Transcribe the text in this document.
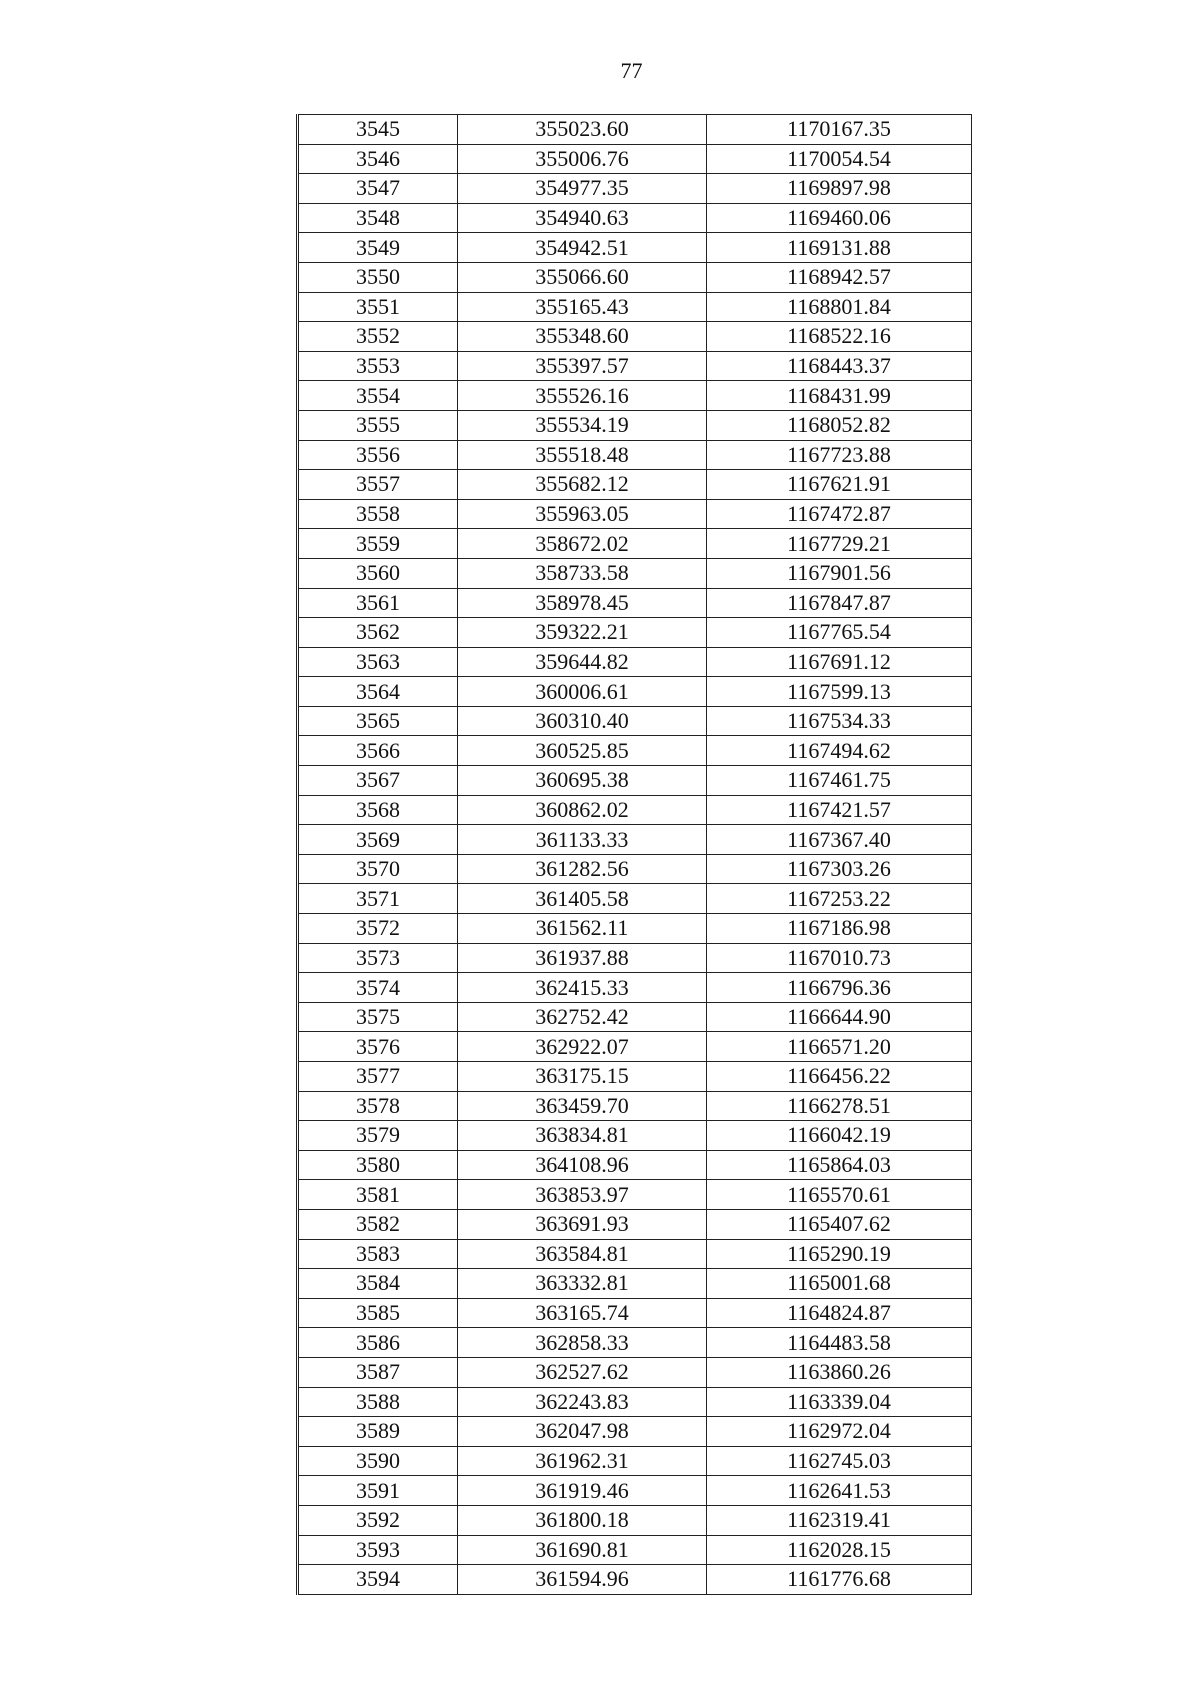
77
3545	355023.60	1170167.35
3546	355006.76	1170054.54
3547	354977.35	1169897.98
3548	354940.63	1169460.06
3549	354942.51	1169131.88
3550	355066.60	1168942.57
3551	355165.43	1168801.84
3552	355348.60	1168522.16
3553	355397.57	1168443.37
3554	355526.16	1168431.99
3555	355534.19	1168052.82
3556	355518.48	1167723.88
3557	355682.12	1167621.91
3558	355963.05	1167472.87
3559	358672.02	1167729.21
3560	358733.58	1167901.56
3561	358978.45	1167847.87
3562	359322.21	1167765.54
3563	359644.82	1167691.12
3564	360006.61	1167599.13
3565	360310.40	1167534.33
3566	360525.85	1167494.62
3567	360695.38	1167461.75
3568	360862.02	1167421.57
3569	361133.33	1167367.40
3570	361282.56	1167303.26
3571	361405.58	1167253.22
3572	361562.11	1167186.98
3573	361937.88	1167010.73
3574	362415.33	1166796.36
3575	362752.42	1166644.90
3576	362922.07	1166571.20
3577	363175.15	1166456.22
3578	363459.70	1166278.51
3579	363834.81	1166042.19
3580	364108.96	1165864.03
3581	363853.97	1165570.61
3582	363691.93	1165407.62
3583	363584.81	1165290.19
3584	363332.81	1165001.68
3585	363165.74	1164824.87
3586	362858.33	1164483.58
3587	362527.62	1163860.26
3588	362243.83	1163339.04
3589	362047.98	1162972.04
3590	361962.31	1162745.03
3591	361919.46	1162641.53
3592	361800.18	1162319.41
3593	361690.81	1162028.15
3594	361594.96	1161776.68
